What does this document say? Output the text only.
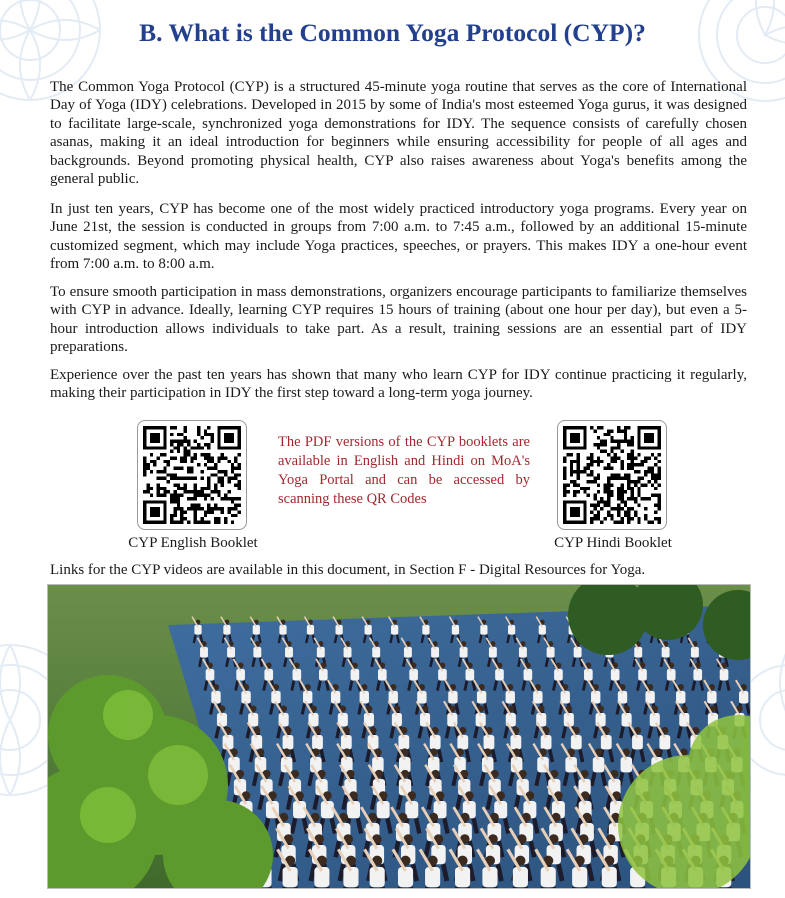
B. What is the Common Yoga Protocol (CYP)?

The Common Yoga Protocol (CYP) is a structured 45-minute yoga routine that serves as the core of International Day of Yoga (IDY) celebrations. Developed in 2015 by some of India's most esteemed Yoga gurus, it was designed to facilitate large-scale, synchronized yoga demonstrations for IDY. The sequence consists of carefully chosen asanas, making it an ideal introduction for beginners while ensuring accessibility for people of all ages and backgrounds. Beyond promoting physical health, CYP also raises awareness about Yoga's benefits among the general public.

In just ten years, CYP has become one of the most widely practiced introductory yoga programs. Every year on June 21st, the session is conducted in groups from 7:00 a.m. to 7:45 a.m., followed by an additional 15-minute customized segment, which may include Yoga practices, speeches, or prayers. This makes IDY a one-hour event from 7:00 a.m. to 8:00 a.m.

To ensure smooth participation in mass demonstrations, organizers encourage participants to familiarize themselves with CYP in advance. Ideally, learning CYP requires 15 hours of training (about one hour per day), but even a 5-hour introduction allows individuals to take part. As a result, training sessions are an essential part of IDY preparations.

Experience over the past ten years has shown that many who learn CYP for IDY continue practicing it regularly, making their participation in IDY the first step toward a long-term yoga journey.

CYP English Booklet
The PDF versions of the CYP booklets are available in English and Hindi on MoA's Yoga Portal and can be accessed by scanning these QR Codes
CYP Hindi Booklet
Links for the CYP videos are available in this document, in Section F - Digital Resources for Yoga.
